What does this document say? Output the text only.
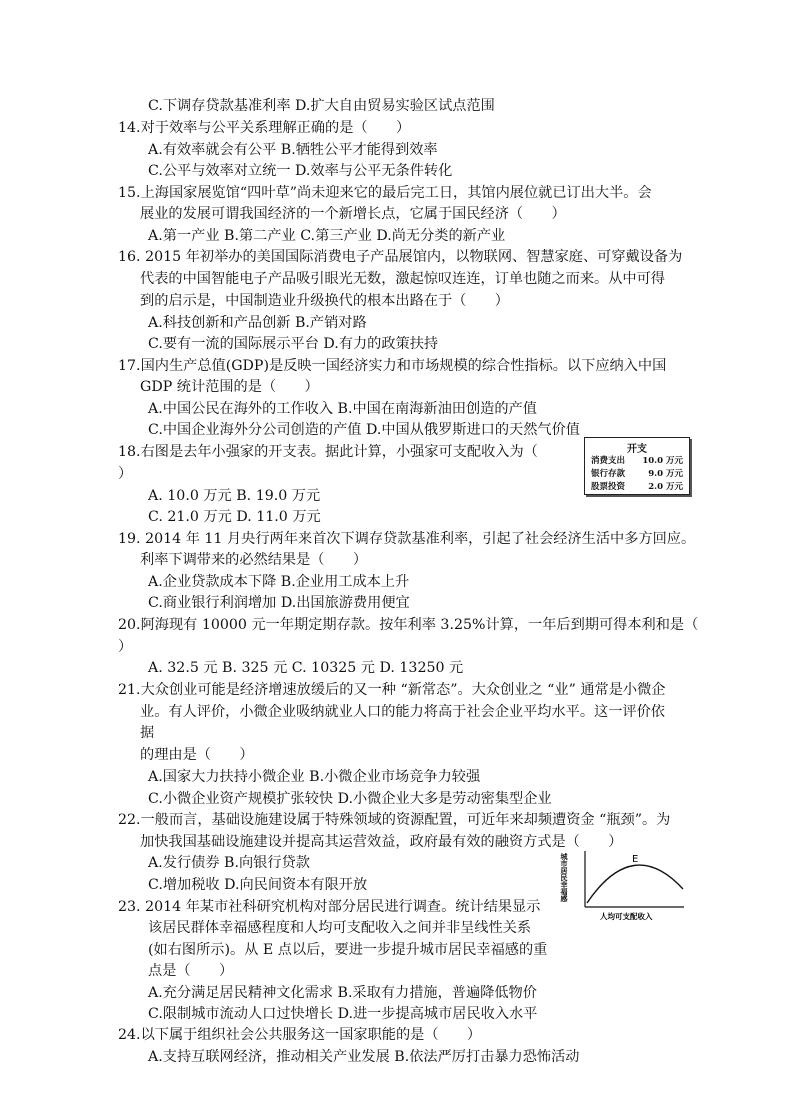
C.下调存贷款基准利率 D.扩大自由贸易实验区试点范围
14.对于效率与公平关系理解正确的是（　　）
A.有效率就会有公平 B.牺牲公平才能得到效率
C.公平与效率对立统一 D.效率与公平无条件转化
15.上海国家展览馆“四叶草”尚未迎来它的最后完工日，其馆内展位就已订出大半。会
展业的发展可谓我国经济的一个新增长点，它属于国民经济（　　）
A.第一产业 B.第二产业 C.第三产业 D.尚无分类的新产业
16. 2015 年初举办的美国国际消费电子产品展馆内，以物联网、智慧家庭、可穿戴设备为
代表的中国智能电子产品吸引眼光无数，激起惊叹连连，订单也随之而来。从中可得
到的启示是，中国制造业升级换代的根本出路在于（　　）
A.科技创新和产品创新 B.产销对路
C.要有一流的国际展示平台 D.有力的政策扶持
17.国内生产总值(GDP)是反映一国经济实力和市场规模的综合性指标。以下应纳入中国
GDP 统计范围的是（　　）
A.中国公民在海外的工作收入 B.中国在南海新油田创造的产值
C.中国企业海外分公司创造的产值 D.中国从俄罗斯进口的天然气价值
18.右图是去年小强家的开支表。据此计算，小强家可支配收入为（
）
A. 10.0 万元 B. 19.0 万元
C. 21.0 万元 D. 11.0 万元
19. 2014 年 11 月央行两年来首次下调存贷款基准利率，引起了社会经济生活中多方回应。
利率下调带来的必然结果是（　　）
A.企业贷款成本下降 B.企业用工成本上升
C.商业银行利润增加 D.出国旅游费用便宜
20.阿海现有 10000 元一年期定期存款。按年利率 3.25%计算，一年后到期可得本利和是（
）
A. 32.5 元 B. 325 元 C. 10325 元 D. 13250 元
21.大众创业可能是经济增速放缓后的又一种 “新常态”。大众创业之 “业” 通常是小微企
业。有人评价，小微企业吸纳就业人口的能力将高于社会企业平均水平。这一评价依
据
的理由是（　　）
A.国家大力扶持小微企业 B.小微企业市场竞争力较强
C.小微企业资产规模扩张较快 D.小微企业大多是劳动密集型企业
22.一般而言，基础设施建设属于特殊领域的资源配置，可近年来却频遭资金 “瓶颈”。为
加快我国基础设施建设并提高其运营效益，政府最有效的融资方式是（　　）
A.发行债券 B.向银行贷款
C.增加税收 D.向民间资本有限开放
23. 2014 年某市社科研究机构对部分居民进行调查。统计结果显示
该居民群体幸福感程度和人均可支配收入之间并非呈线性关系
(如右图所示)。从 E 点以后，要进一步提升城市居民幸福感的重
点是（　　）
A.充分满足居民精神文化需求 B.采取有力措施，普遍降低物价
C.限制城市流动人口过快增长 D.进一步提高城市居民收入水平
24.以下属于组织社会公共服务这一国家职能的是（　　）
A.支持互联网经济，推动相关产业发展 B.依法严厉打击暴力恐怖活动
开支
消费支出 10.0 万元
银行存款	9.0 万元
股票投资	2.0 万元
E
城市居民幸福感
人均可支配收入
